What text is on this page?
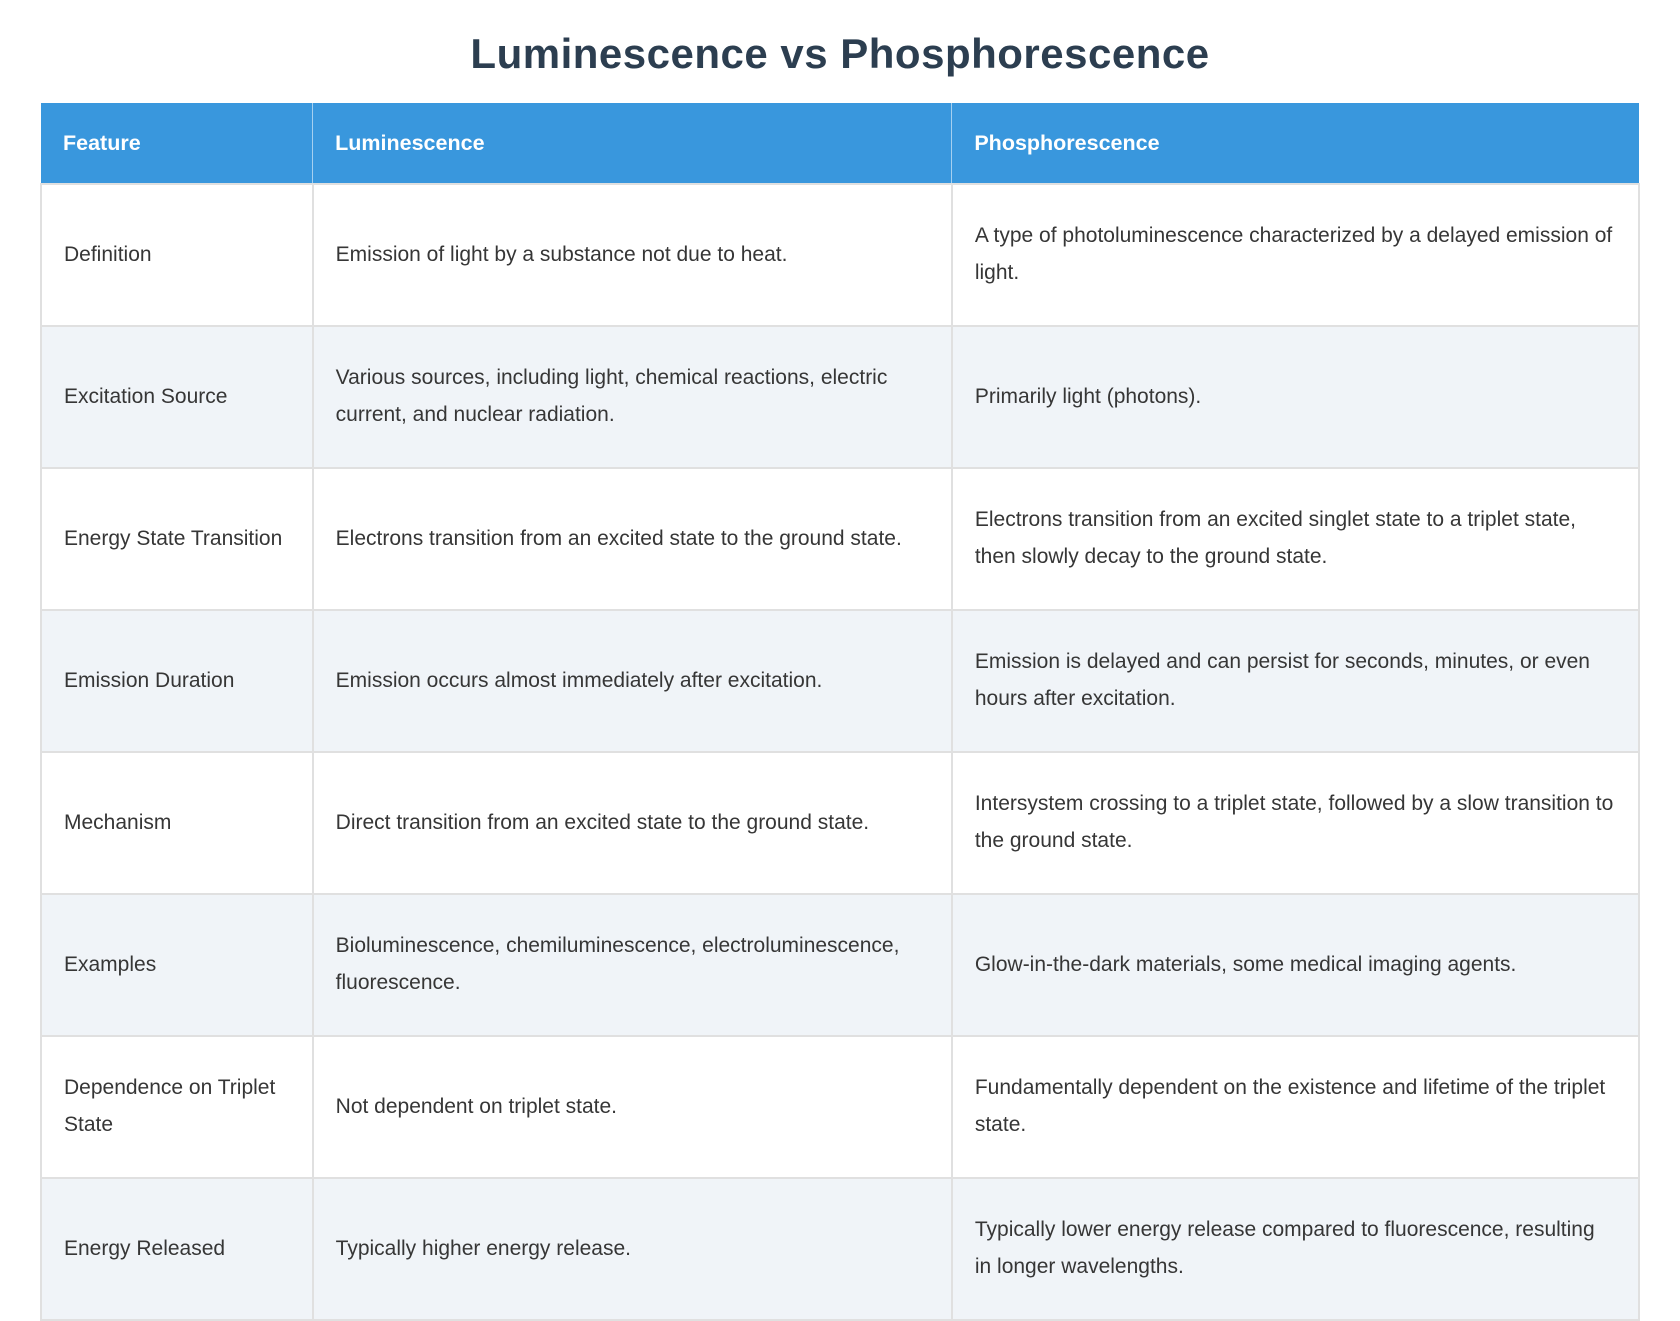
Luminescence vs Phosphorescence
Feature	Luminescence	Phosphorescence
Definition	Emission of light by a substance not due to heat.	A type of photoluminescence characterized by a delayed emission of light.
Excitation Source	Various sources, including light, chemical reactions, electric current, and nuclear radiation.	Primarily light (photons).
Energy State Transition	Electrons transition from an excited state to the ground state.	Electrons transition from an excited singlet state to a triplet state, then slowly decay to the ground state.
Emission Duration	Emission occurs almost immediately after excitation.	Emission is delayed and can persist for seconds, minutes, or even hours after excitation.
Mechanism	Direct transition from an excited state to the ground state.	Intersystem crossing to a triplet state, followed by a slow transition to the ground state.
Examples	Bioluminescence, chemiluminescence, electroluminescence, fluorescence.	Glow-in-the-dark materials, some medical imaging agents.
Dependence on Triplet State	Not dependent on triplet state.	Fundamentally dependent on the existence and lifetime of the triplet state.
Energy Released	Typically higher energy release.	Typically lower energy release compared to fluorescence, resulting in longer wavelengths.
